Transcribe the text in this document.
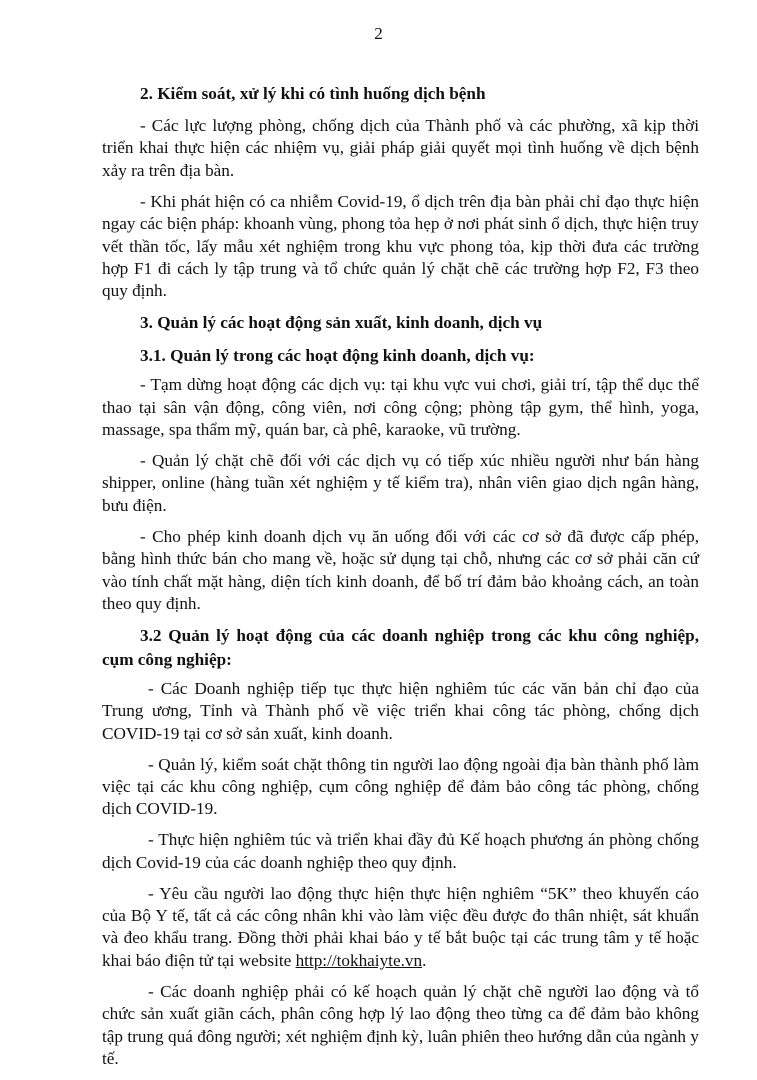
2
2. Kiểm soát, xử lý khi có tình huống dịch bệnh

- Các lực lượng phòng, chống dịch của Thành phố và các phường, xã kịp thời triển khai thực hiện các nhiệm vụ, giải pháp giải quyết mọi tình huống về dịch bệnh xảy ra trên địa bàn.

- Khi phát hiện có ca nhiễm Covid-19, ổ dịch trên địa bàn phải chỉ đạo thực hiện ngay các biện pháp: khoanh vùng, phong tỏa hẹp ở nơi phát sinh ổ dịch, thực hiện truy vết thần tốc, lấy mẫu xét nghiệm trong khu vực phong tỏa, kịp thời đưa các trường hợp F1 đi cách ly tập trung và tổ chức quản lý chặt chẽ các trường hợp F2, F3 theo quy định.

3. Quản lý các hoạt động sản xuất, kinh doanh, dịch vụ
3.1. Quản lý trong các hoạt động kinh doanh, dịch vụ:

- Tạm dừng hoạt động các dịch vụ: tại khu vực vui chơi, giải trí, tập thể dục thể thao tại sân vận động, công viên, nơi công cộng; phòng tập gym, thể hình, yoga, massage, spa thẩm mỹ, quán bar, cà phê, karaoke, vũ trường.

- Quản lý chặt chẽ đối với các dịch vụ có tiếp xúc nhiều người như bán hàng shipper, online (hàng tuần xét nghiệm y tế kiểm tra), nhân viên giao dịch ngân hàng, bưu điện.

- Cho phép kinh doanh dịch vụ ăn uống đối với các cơ sở đã được cấp phép, bằng hình thức bán cho mang về, hoặc sử dụng tại chỗ, nhưng các cơ sở phải căn cứ vào tính chất mặt hàng, diện tích kinh doanh, để bố trí đảm bảo khoảng cách, an toàn theo quy định.

3.2 Quản lý hoạt động của các doanh nghiệp trong các khu công nghiệp, cụm công nghiệp:

- Các Doanh nghiệp tiếp tục thực hiện nghiêm túc các văn bản chỉ đạo của Trung ương, Tỉnh và Thành phố về việc triển khai công tác phòng, chống dịch COVID-19 tại cơ sở sản xuất, kinh doanh.

- Quản lý, kiểm soát chặt thông tin người lao động ngoài địa bàn thành phố làm việc tại các khu công nghiệp, cụm công nghiệp để đảm bảo công tác phòng, chống dịch COVID-19.

- Thực hiện nghiêm túc và triển khai đầy đủ Kế hoạch phương án phòng chống dịch Covid-19 của các doanh nghiệp theo quy định.

- Yêu cầu người lao động thực hiện thực hiện nghiêm “5K” theo khuyến cáo của Bộ Y tế, tất cả các công nhân khi vào làm việc đều được đo thân nhiệt, sát khuẩn và đeo khẩu trang. Đồng thời phải khai báo y tế bắt buộc tại các trung tâm y tế hoặc khai báo điện tử tại website http://tokhaiyte.vn.

- Các doanh nghiệp phải có kế hoạch quản lý chặt chẽ người lao động và tổ chức sản xuất giãn cách, phân công hợp lý lao động theo từng ca để đảm bảo không tập trung quá đông người; xét nghiệm định kỳ, luân phiên theo hướng dẫn của ngành y tế.
